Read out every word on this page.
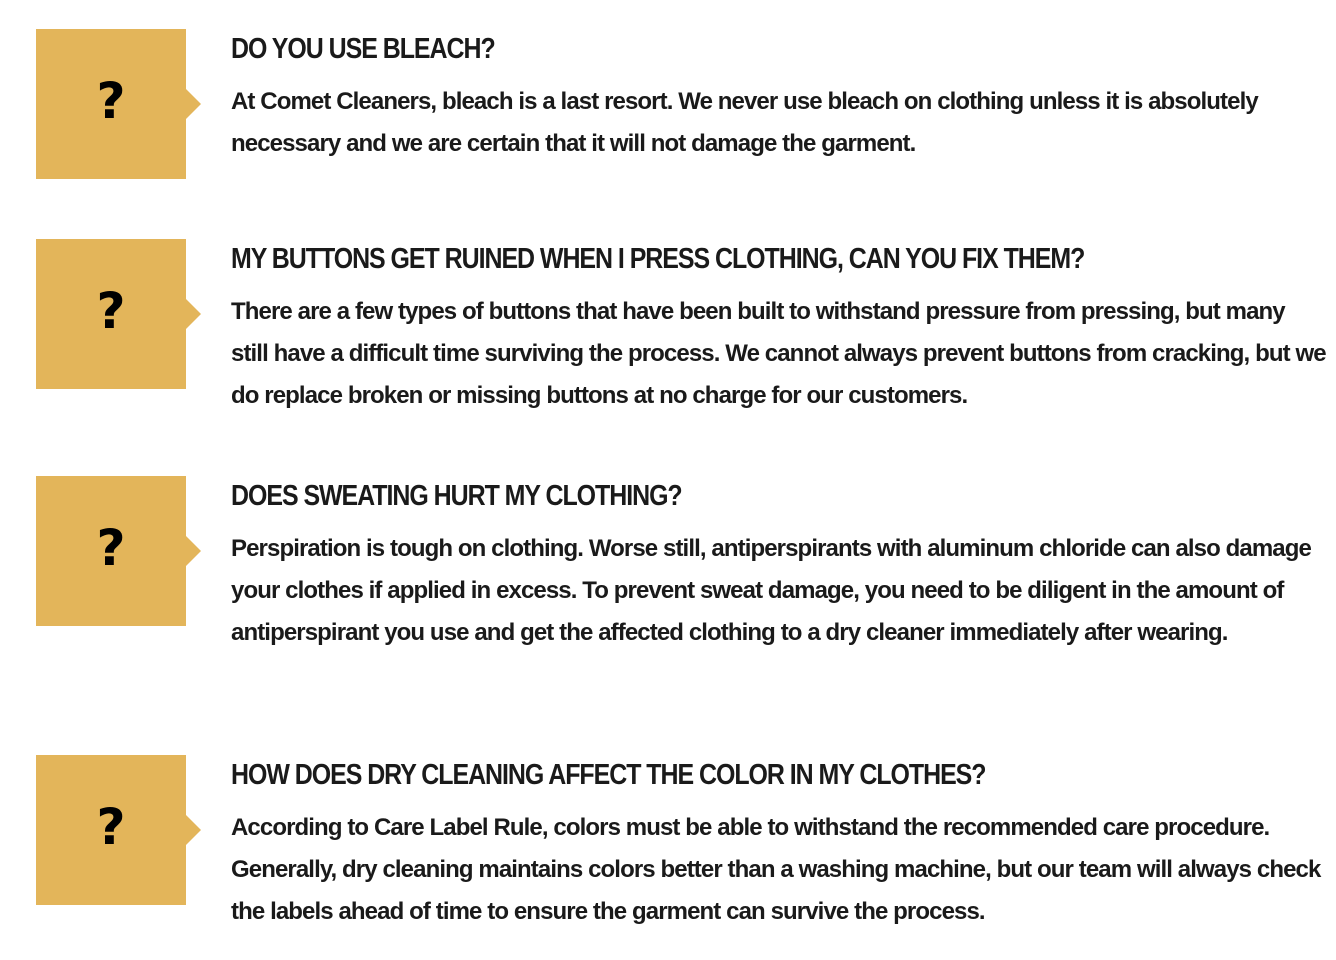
?
DO YOU USE BLEACH?

At Comet Cleaners, bleach is a last resort. We never use bleach on clothing unless it is absolutely necessary and we are certain that it will not damage the garment.

?
MY BUTTONS GET RUINED WHEN I PRESS CLOTHING, CAN YOU FIX THEM?

There are a few types of buttons that have been built to withstand pressure from pressing, but many still have a difficult time surviving the process. We cannot always prevent buttons from cracking, but we do replace broken or missing buttons at no charge for our customers.

?
DOES SWEATING HURT MY CLOTHING?

Perspiration is tough on clothing. Worse still, antiperspirants with aluminum chloride can also damage your clothes if applied in excess. To prevent sweat damage, you need to be diligent in the amount of antiperspirant you use and get the affected clothing to a dry cleaner immediately after wearing.

?
HOW DOES DRY CLEANING AFFECT THE COLOR IN MY CLOTHES?

According to Care Label Rule, colors must be able to withstand the recommended care procedure. Generally, dry cleaning maintains colors better than a washing machine, but our team will always check the labels ahead of time to ensure the garment can survive the process.
